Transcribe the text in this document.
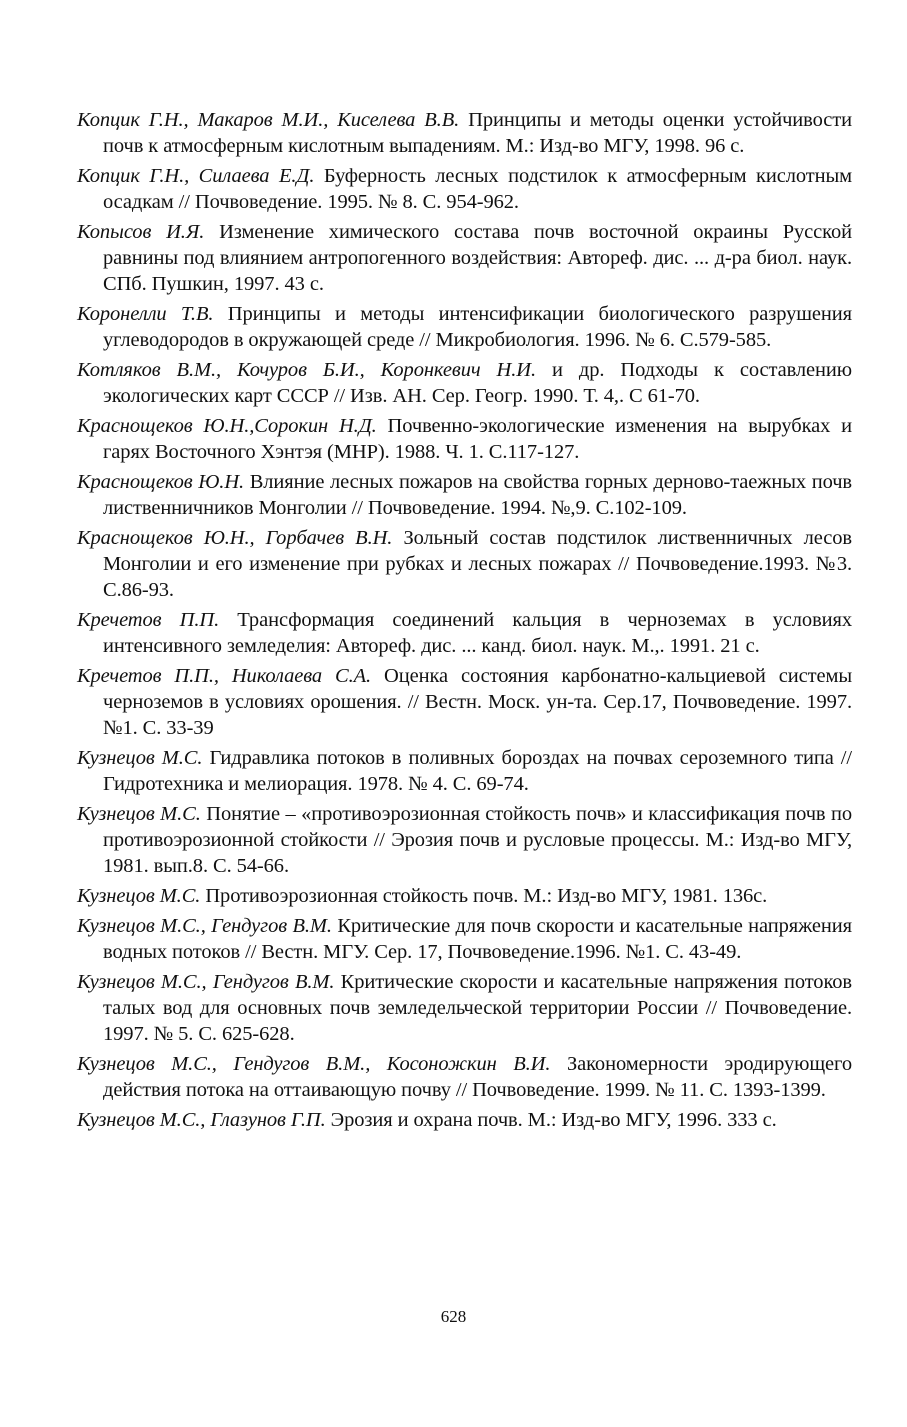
Копцик Г.Н., Макаров М.И., Киселева В.В. Принципы и методы оценки устойчивости почв к атмосферным кислотным выпадениям. М.: Изд-во МГУ, 1998. 96 с.
Копцик Г.Н., Силаева Е.Д. Буферность лесных подстилок к атмосферным кислотным осадкам // Почвоведение. 1995. № 8. С. 954-962.
Копысов И.Я. Изменение химического состава почв восточной окраины Русской равнины под влиянием антропогенного воздействия: Автореф. дис. ... д-ра биол. наук. СПб. Пушкин, 1997. 43 с.
Коронелли Т.В. Принципы и методы интенсификации биологического разрушения углеводородов в окружающей среде // Микробиология. 1996. № 6. С.579-585.
Котляков В.М., Кочуров Б.И., Коронкевич Н.И. и др. Подходы к составлению экологических карт СССР // Изв. АН. Сер. Геогр. 1990. Т. 4,. С 61-70.
Краснощеков Ю.Н.,Сорокин Н.Д. Почвенно-экологические изменения на вырубках и гарях Восточного Хэнтэя (МНР). 1988. Ч. 1. С.117-127.
Краснощеков Ю.Н. Влияние лесных пожаров на свойства горных дерново-таежных почв лиственничников Монголии // Почвоведение. 1994. №,9. С.102-109.
Краснощеков Ю.Н., Горбачев В.Н. Зольный состав подстилок лиственничных лесов Монголии и его изменение при рубках и лесных пожарах // Почвоведение.1993. №3. С.86-93.
Кречетов П.П. Трансформация соединений кальция в черноземах в условиях интенсивного земледелия: Автореф. дис. ... канд. биол. наук. М.,. 1991. 21 с.
Кречетов П.П., Николаева С.А. Оценка состояния карбонатно-кальциевой системы черноземов в условиях орошения. // Вестн. Моск. ун-та. Сер.17, Почвоведение. 1997. №1. С. 33-39
Кузнецов М.С. Гидравлика потоков в поливных бороздах на почвах сероземного типа // Гидротехника и мелиорация. 1978. № 4. С. 69-74.
Кузнецов М.С. Понятие – «противоэрозионная стойкость почв» и классификация почв по противоэрозионной стойкости // Эрозия почв и русловые процессы. М.: Изд-во МГУ, 1981. вып.8. С. 54-66.
Кузнецов М.С. Противоэрозионная стойкость почв. М.: Изд-во МГУ, 1981. 136с.
Кузнецов М.С., Гендугов В.М. Критические для почв скорости и касательные напряжения водных потоков // Вестн. МГУ. Сер. 17, Почвоведение.1996. №1. С. 43-49.
Кузнецов М.С., Гендугов В.М. Критические скорости и касательные напряжения потоков талых вод для основных почв земледельческой территории России // Почвоведение. 1997. № 5. С. 625-628.
Кузнецов М.С., Гендугов В.М., Косоножкин В.И. Закономерности эродирующего действия потока на оттаивающую почву // Почвоведение. 1999. № 11. С. 1393-1399.
Кузнецов М.С., Глазунов Г.П. Эрозия и охрана почв. М.: Изд-во МГУ, 1996. 333 с.
628
